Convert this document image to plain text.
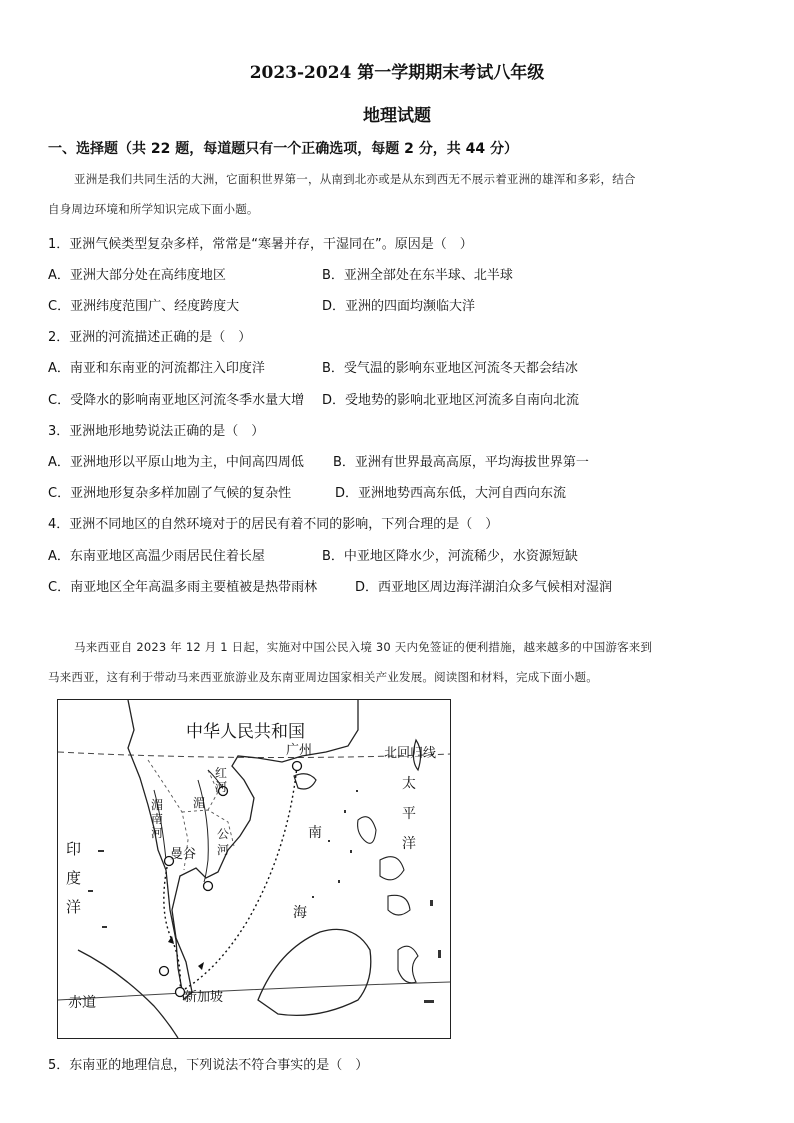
2023-2024 第一学期期末考试八年级
地理试题
一、选择题（共 22 题，每道题只有一个正确选项，每题 2 分，共 44 分）
亚洲是我们共同生活的大洲，它面积世界第一，从南到北亦或是从东到西无不展示着亚洲的雄浑和多彩，结合
自身周边环境和所学知识完成下面小题。
1．亚洲气候类型复杂多样，常常是“寒暑并存，干湿同在”。原因是（　）
A．亚洲大部分处在高纬度地区	B．亚洲全部处在东半球、北半球
C．亚洲纬度范围广、经度跨度大	D．亚洲的四面均濒临大洋
2．亚洲的河流描述正确的是（　）
A．南亚和东南亚的河流都注入印度洋	B．受气温的影响东亚地区河流冬天都会结冰
C．受降水的影响南亚地区河流冬季水量大增 D．受地势的影响北亚地区河流多自南向北流
3．亚洲地形地势说法正确的是（　）
A．亚洲地形以平原山地为主，中间高四周低 B．亚洲有世界最高高原，平均海拔世界第一
C．亚洲地形复杂多样加剧了气候的复杂性	D．亚洲地势西高东低，大河自西向东流
4．亚洲不同地区的自然环境对于的居民有着不同的影响，下列合理的是（　）
A．东南亚地区高温少雨居民住着长屋	B．中亚地区降水少，河流稀少，水资源短缺
C．南亚地区全年高温多雨主要植被是热带雨林	D．西亚地区周边海洋湖泊众多气候相对湿润
马来西亚自 2023 年 12 月 1 日起，实施对中国公民入境 30 天内免签证的便利措施，越来越多的中国游客来到
马来西亚，这有利于带动马来西亚旅游业及东南亚周边国家相关产业发展。阅读图和材料，完成下面小题。
中华人民共和国
广州	北回归线
太
平
洋
湄
南
河
湄
公
河
红
河
曼谷
印
度
洋
南
海
新加坡
赤道
5．东南亚的地理信息，下列说法不符合事实的是（　）
